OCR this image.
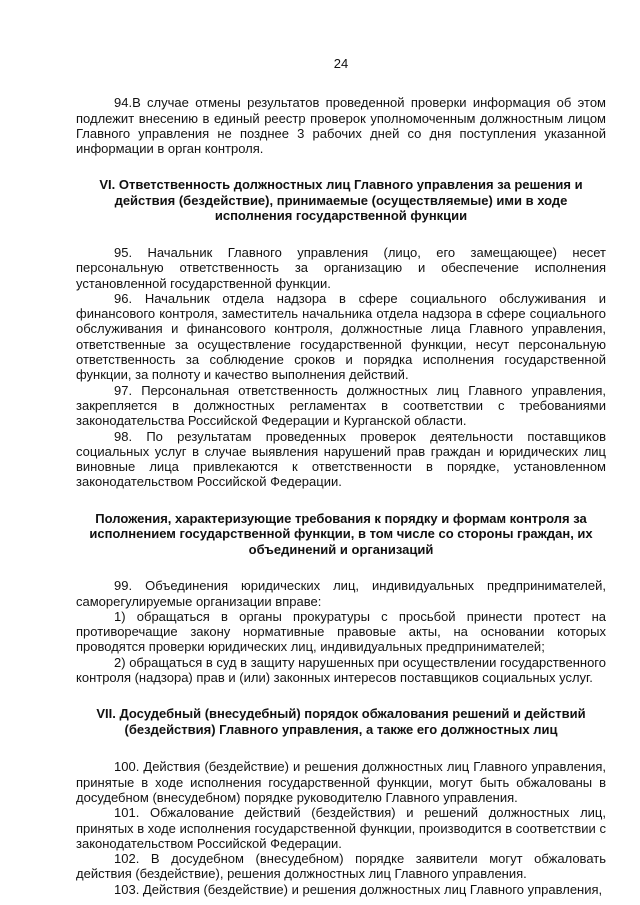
24

94.В случае отмены результатов проведенной проверки информация об этом подлежит внесению в единый реестр проверок уполномоченным должностным лицом Главного управления не позднее 3 рабочих дней со дня поступления указанной информации в орган контроля.

VI. Ответственность должностных лиц Главного управления за решения и действия (бездействие), принимаемые (осуществляемые) ими в ходе исполнения государственной функции

95. Начальник Главного управления (лицо, его замещающее) несет персональную ответственность за организацию и обеспечение исполнения установленной государственной функции.

96. Начальник отдела надзора в сфере социального обслуживания и финансового контроля, заместитель начальника отдела надзора в сфере социального обслуживания и финансового контроля, должностные лица Главного управления, ответственные за осуществление государственной функции, несут персональную ответственность за соблюдение сроков и порядка исполнения государственной функции, за полноту и качество выполнения действий.

97. Персональная ответственность должностных лиц Главного управления, закрепляется в должностных регламентах в соответствии с требованиями законодательства Российской Федерации и Курганской области.

98. По результатам проведенных проверок деятельности поставщиков социальных услуг в случае выявления нарушений прав граждан и юридических лиц виновные лица привлекаются к ответственности в порядке, установленном законодательством Российской Федерации.

Положения, характеризующие требования к порядку и формам контроля за исполнением государственной функции, в том числе со стороны граждан, их объединений и организаций

99. Объединения юридических лиц, индивидуальных предпринимателей, саморегулируемые организации вправе:

1) обращаться в органы прокуратуры с просьбой принести протест на противоречащие закону нормативные правовые акты, на основании которых проводятся проверки юридических лиц, индивидуальных предпринимателей;

2) обращаться в суд в защиту нарушенных при осуществлении государственного контроля (надзора) прав и (или) законных интересов поставщиков социальных услуг.

VII. Досудебный (внесудебный) порядок обжалования решений и действий (бездействия) Главного управления, а также его должностных лиц

100. Действия (бездействие) и решения должностных лиц Главного управления, принятые в ходе исполнения государственной функции, могут быть обжалованы в досудебном (внесудебном) порядке руководителю Главного управления.

101. Обжалование действий (бездействия) и решений должностных лиц, принятых в ходе исполнения государственной функции, производится в соответствии с законодательством Российской Федерации.

102. В досудебном (внесудебном) порядке заявители могут обжаловать действия (бездействие), решения должностных лиц Главного управления.

103. Действия (бездействие) и решения должностных лиц Главного управления,
